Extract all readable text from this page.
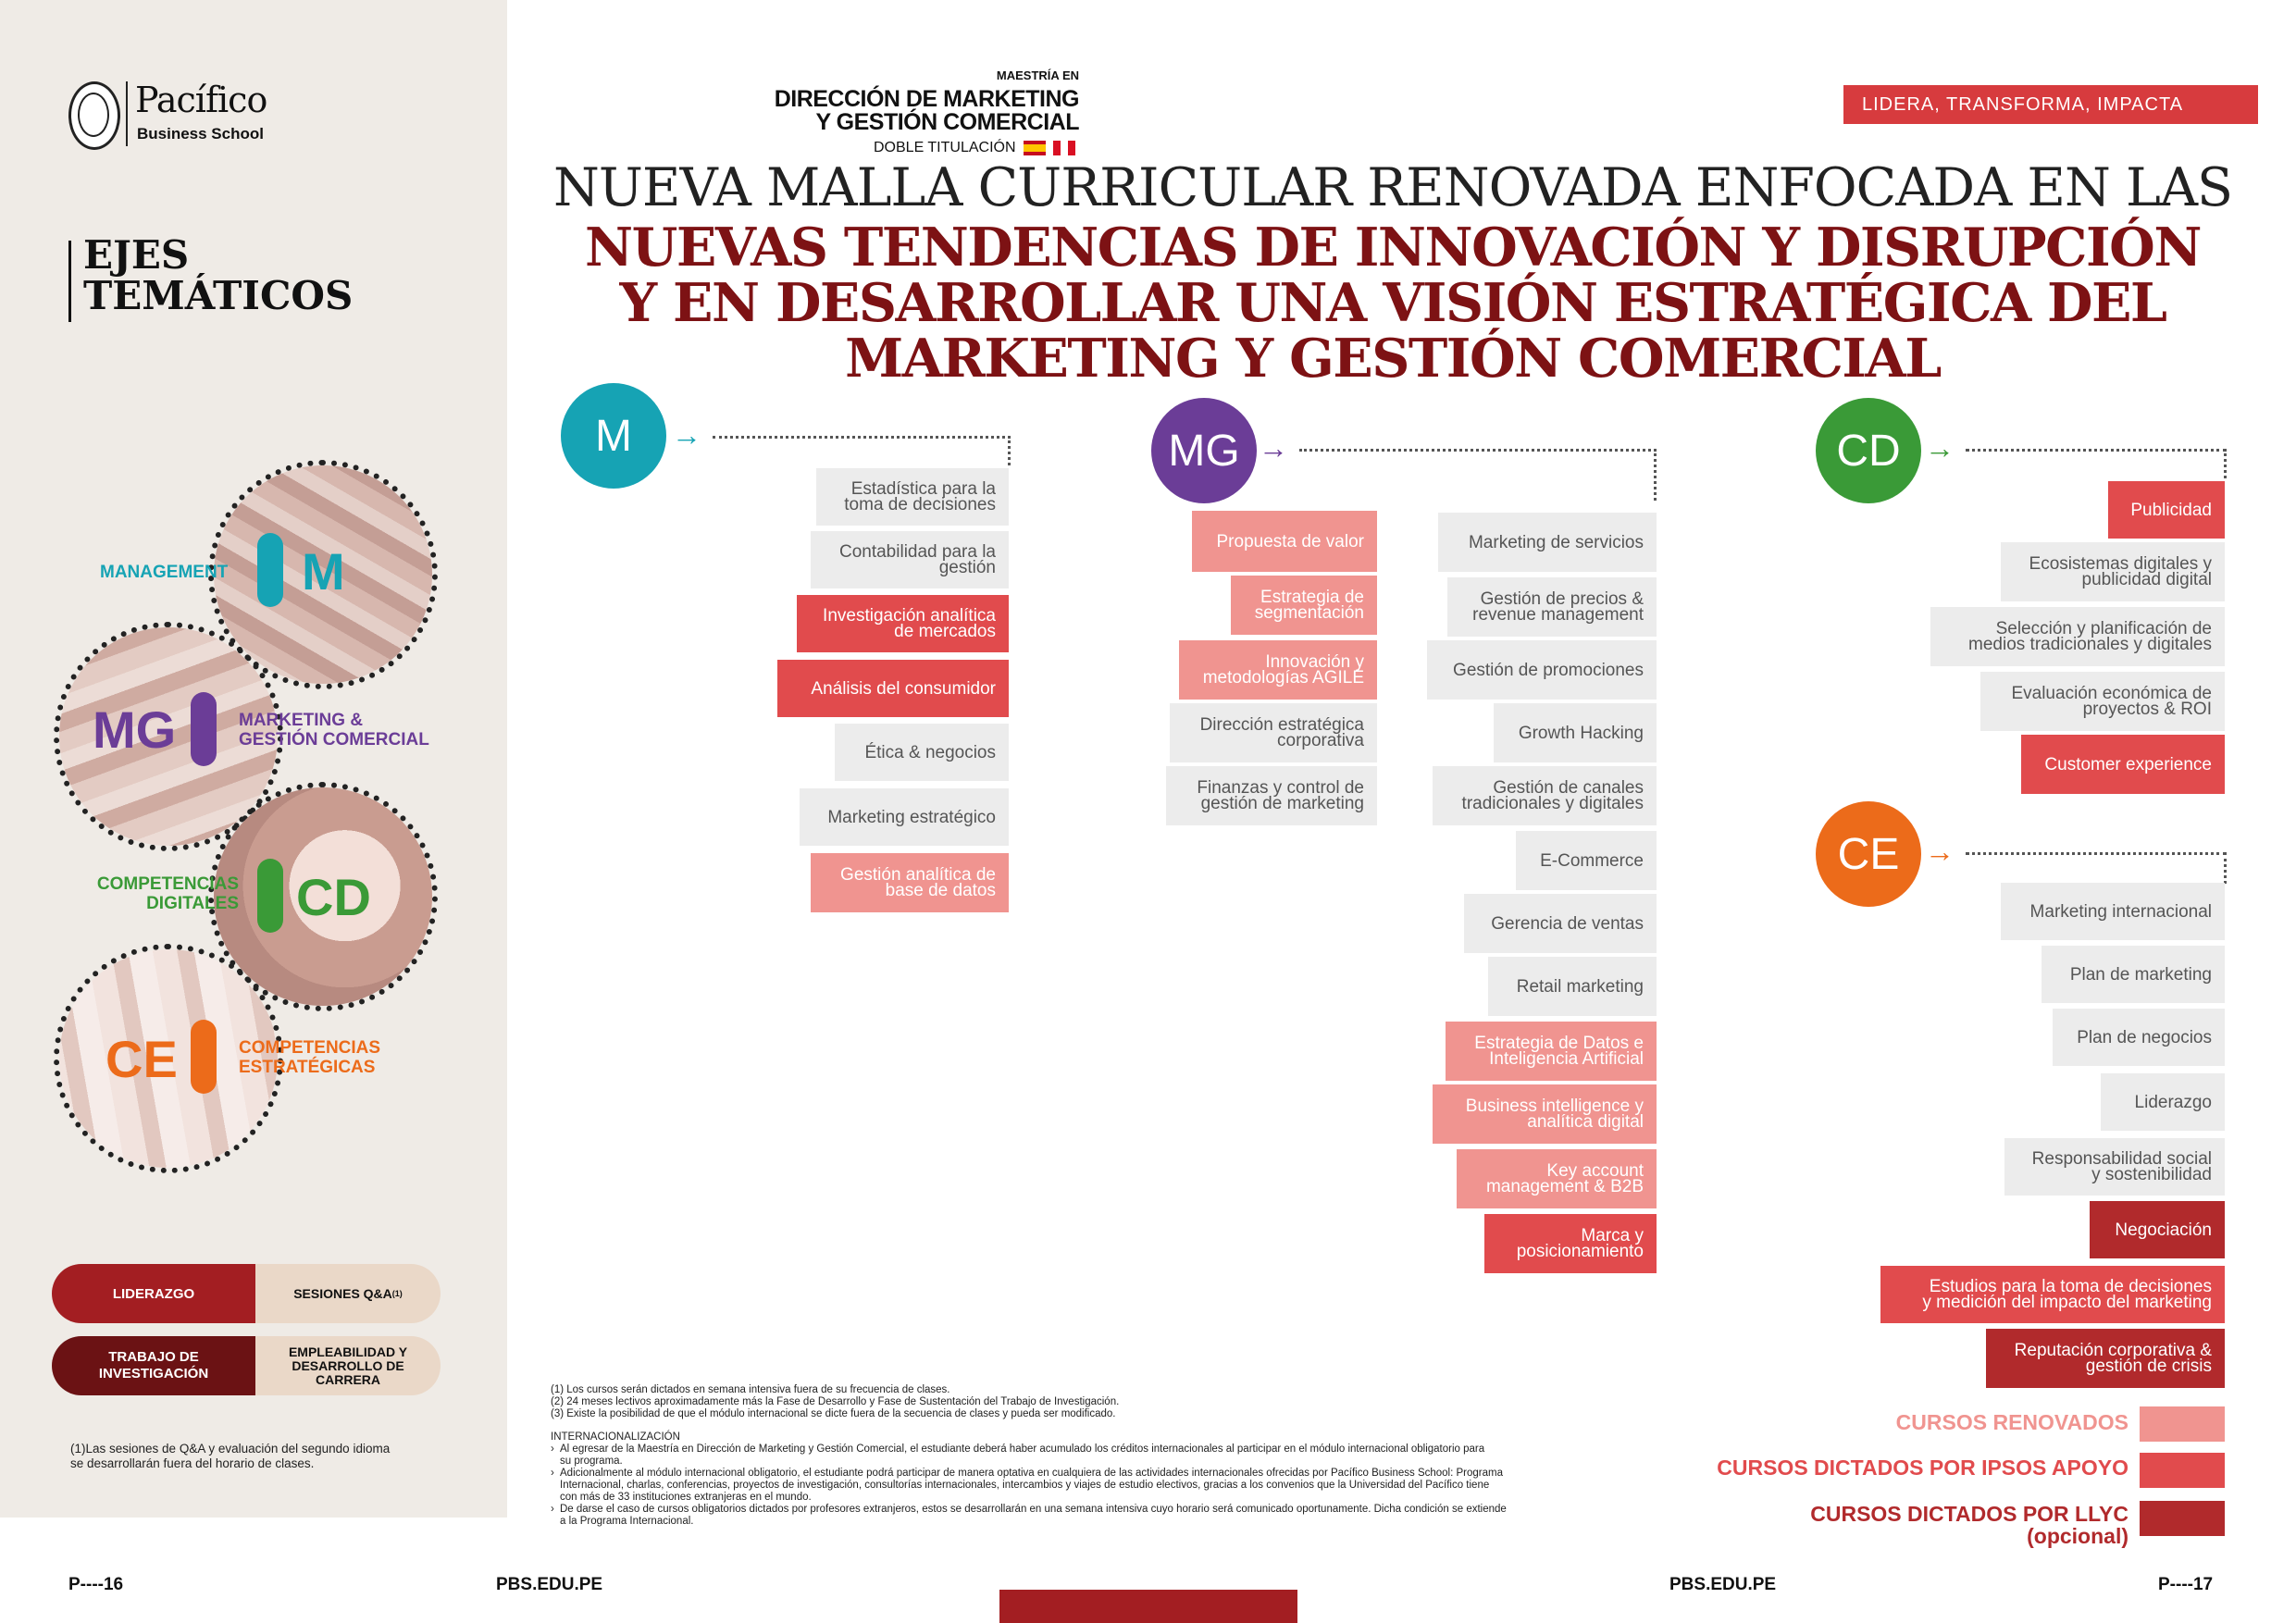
Pacífico
Business School
EJES
TEMÁTICOS
MANAGEMENT M
MG	MARKETING &
GESTIÓN COMERCIAL
COMPETENCIAS
DIGITALES CD
CE	COMPETENCIAS
ESTRATÉGICAS
LIDERAZGO	SESIONES Q&A (1)
TRABAJO DE
INVESTIGACIÓN
EMPLEABILIDAD Y
DESARROLLO DE
CARRERA
(1)Las sesiones de Q&A y evaluación del segundo idioma
se desarrollarán fuera del horario de clases.
MAESTRÍA EN
DIRECCIÓN DE MARKETING
Y GESTIÓN COMERCIAL
DOBLE TITULACIÓN
LIDERA, TRANSFORMA, IMPACTA
NUEVA MALLA CURRICULAR RENOVADA ENFOCADA EN LAS
NUEVAS TENDENCIAS DE INNOVACIÓN Y DISRUPCIÓN
Y EN DESARROLLAR UNA VISIÓN ESTRATÉGICA DEL
MARKETING Y GESTIÓN COMERCIAL
M	→	MG →	CD →
CE →
Estadística para la
toma de decisiones
Contabilidad para la
gestión
Investigación analítica
de mercados
Análisis del consumidor
Ética & negocios
Marketing estratégico
Gestión analítica de
base de datos
Propuesta de valor
Estrategia de
segmentación
Innovación y
metodologías AGILE
Dirección estratégica
corporativa
Finanzas y control de
gestión de marketing
Marketing de servicios
Gestión de precios &
revenue management
Gestión de promociones
Growth Hacking
Gestión de canales
tradicionales y digitales
E-Commerce
Gerencia de ventas
Retail marketing
Estrategia de Datos e
Inteligencia Artificial
Business intelligence y
analítica digital
Key account
management & B2B
Marca y
posicionamiento
Publicidad
Ecosistemas digitales y
publicidad digital
Selección y planificación de
medios tradicionales y digitales
Evaluación económica de
proyectos & ROI
Customer experience
Marketing internacional
Plan de marketing
Plan de negocios
Liderazgo
Responsabilidad social
y sostenibilidad
Negociación
Estudios para la toma de decisiones
y medición del impacto del marketing
Reputación corporativa &
gestión de crisis
(1) Los cursos serán dictados en semana intensiva fuera de su frecuencia de clases.
(2) 24 meses lectivos aproximadamente más la Fase de Desarrollo y Fase de Sustentación del Trabajo de Investigación.
(3) Existe la posibilidad de que el módulo internacional se dicte fuera de la secuencia de clases y pueda ser modificado.
INTERNACIONALIZACIÓN
› Al egresar de la Maestría en Dirección de Marketing y Gestión Comercial, el estudiante deberá haber acumulado los créditos internacionales al participar en el módulo internacional obligatorio para
su programa.
› Adicionalmente al módulo internacional obligatorio, el estudiante podrá participar de manera optativa en cualquiera de las actividades internacionales ofrecidas por Pacífico Business School: Programa
Internacional, charlas, conferencias, proyectos de investigación, consultorías internacionales, intercambios y viajes de estudio electivos, gracias a los convenios que la Universidad del Pacífico tiene
con más de 33 instituciones extranjeras en el mundo.
› De darse el caso de cursos obligatorios dictados por profesores extranjeros, estos se desarrollarán en una semana intensiva cuyo horario será comunicado oportunamente. Dicha condición se extiende
a la Programa Internacional.
CURSOS RENOVADOS
CURSOS DICTADOS POR IPSOS APOYO
CURSOS DICTADOS POR LLYC
(opcional)
P----16	PBS.EDU.PE	PBS.EDU.PE	P----17
